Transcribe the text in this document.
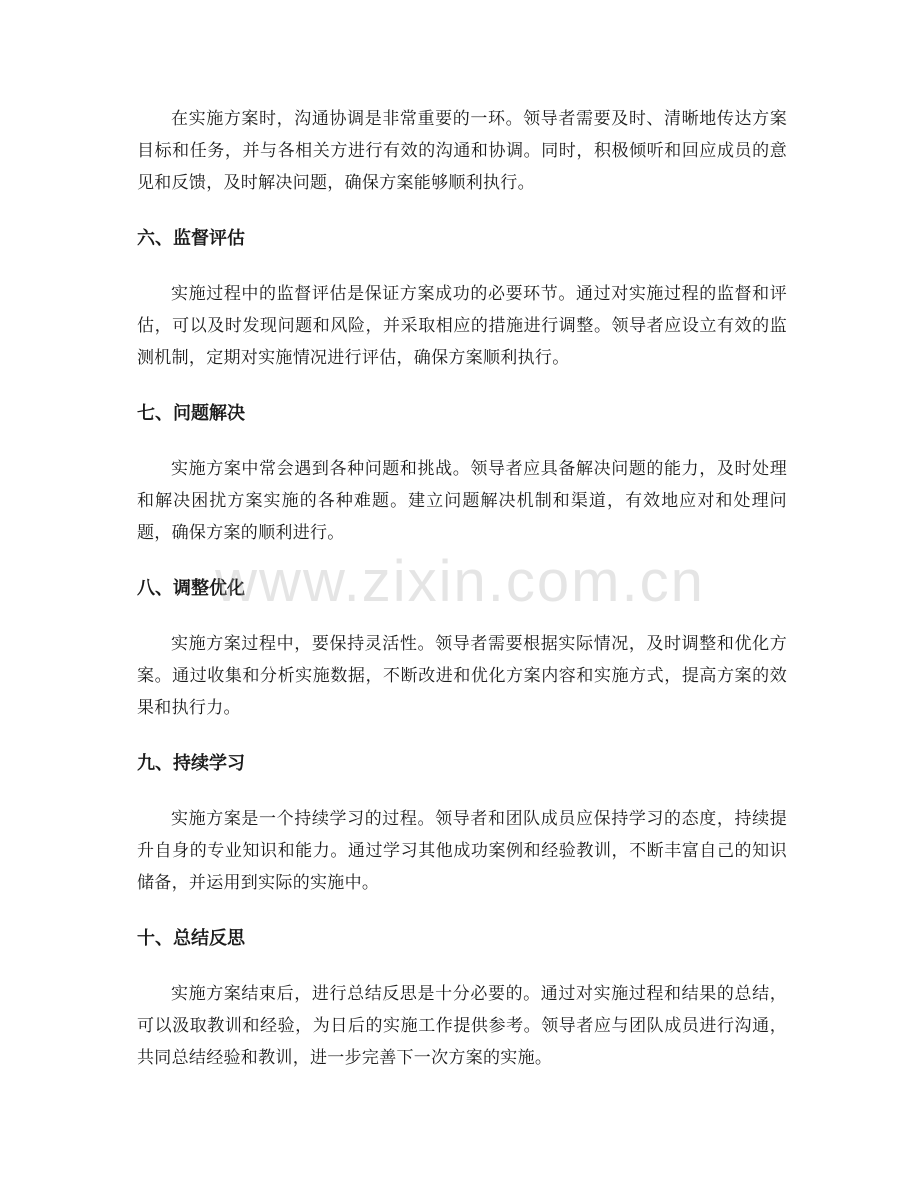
在实施方案时，沟通协调是非常重要的一环。领导者需要及时、清晰地传达方案目标和任务，并与各相关方进行有效的沟通和协调。同时，积极倾听和回应成员的意见和反馈，及时解决问题，确保方案能够顺利执行。

六、监督评估

实施过程中的监督评估是保证方案成功的必要环节。通过对实施过程的监督和评估，可以及时发现问题和风险，并采取相应的措施进行调整。领导者应设立有效的监测机制，定期对实施情况进行评估，确保方案顺利执行。

七、问题解决

实施方案中常会遇到各种问题和挑战。领导者应具备解决问题的能力，及时处理和解决困扰方案实施的各种难题。建立问题解决机制和渠道，有效地应对和处理问题，确保方案的顺利进行。

八、调整优化

实施方案过程中，要保持灵活性。领导者需要根据实际情况，及时调整和优化方案。通过收集和分析实施数据，不断改进和优化方案内容和实施方式，提高方案的效果和执行力。

九、持续学习

实施方案是一个持续学习的过程。领导者和团队成员应保持学习的态度，持续提升自身的专业知识和能力。通过学习其他成功案例和经验教训，不断丰富自己的知识储备，并运用到实际的实施中。

十、总结反思

实施方案结束后，进行总结反思是十分必要的。通过对实施过程和结果的总结，可以汲取教训和经验，为日后的实施工作提供参考。领导者应与团队成员进行沟通，共同总结经验和教训，进一步完善下一次方案的实施。

www.zixin.com.cn
